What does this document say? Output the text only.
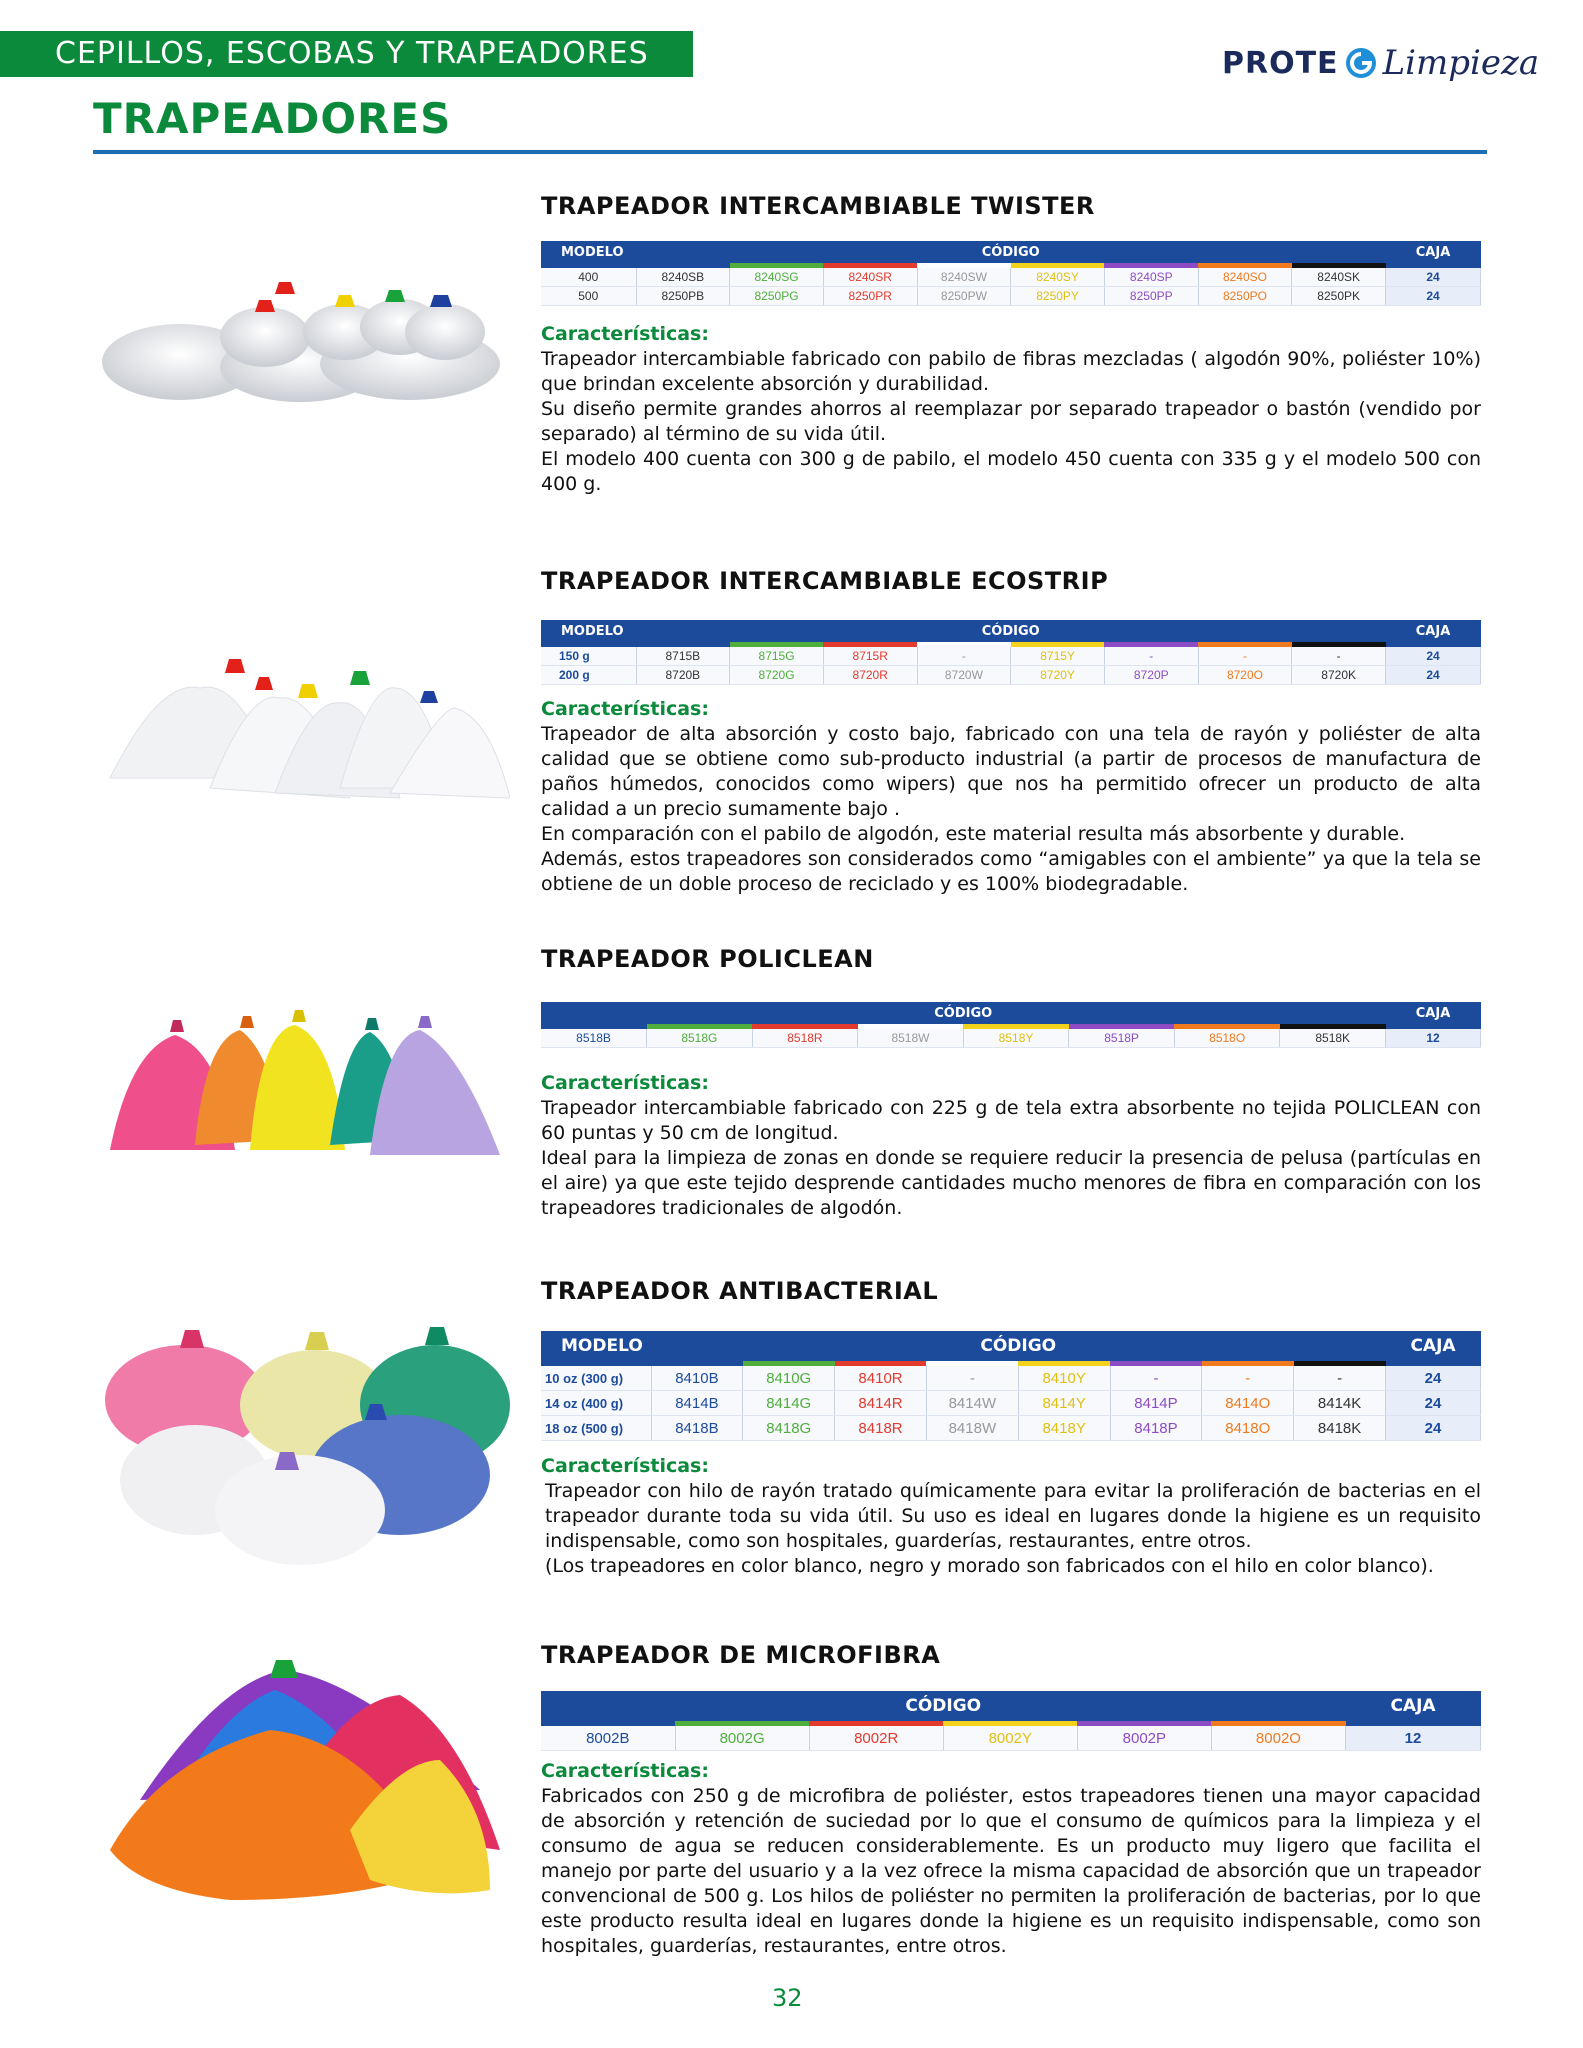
CEPILLOS, ESCOBAS Y TRAPEADORES	PROTE Limpieza
TRAPEADORES
TRAPEADOR INTERCAMBIABLE TWISTER
MODELO	CÓDIGO								CAJA

400	8240SB	8240SG	8240SR	8240SW	8240SY	8240SP	8240SO	8240SK	24
500	8250PB	8250PG	8250PR	8250PW	8250PY	8250PP	8250PO	8250PK	24
Características:

Trapeador intercambiable fabricado con pabilo de fibras mezcladas ( algodón 90%, poliéster 10%) que brindan excelente absorción y durabilidad.

Su diseño permite grandes ahorros al reemplazar por separado trapeador o bastón (vendido por separado) al término de su vida útil.

El modelo 400 cuenta con 300 g de pabilo, el modelo 450 cuenta con 335 g y el modelo 500 con 400 g.

TRAPEADOR INTERCAMBIABLE ECOSTRIP
MODELO	CÓDIGO								CAJA

150 g	8715B	8715G	8715R	-	8715Y	-	-	-	24
200 g	8720B	8720G	8720R	8720W	8720Y	8720P	8720O	8720K	24
Características:

Trapeador de alta absorción y costo bajo, fabricado con una tela de rayón y poliéster de alta calidad que se obtiene como sub-producto industrial (a partir de procesos de manufactura de paños húmedos, conocidos como wipers) que nos ha permitido ofrecer un producto de alta calidad a un precio sumamente bajo .

En comparación con el pabilo de algodón, este material resulta más absorbente y durable.

Además, estos trapeadores son considerados como “amigables con el ambiente” ya que la tela se obtiene de un doble proceso de reciclado y es 100% biodegradable.

TRAPEADOR POLICLEAN
CÓDIGO								CAJA

8518B	8518G	8518R	8518W	8518Y	8518P	8518O	8518K	12
Características:

Trapeador intercambiable fabricado con 225 g de tela extra absorbente no tejida POLICLEAN con 60 puntas y 50 cm de longitud.

Ideal para la limpieza de zonas en donde se requiere reducir la presencia de pelusa (partículas en el aire) ya que este tejido desprende cantidades mucho menores de fibra en comparación con los trapeadores tradicionales de algodón.

TRAPEADOR ANTIBACTERIAL
MODELO	CÓDIGO								CAJA

10 oz (300 g)	8410B	8410G	8410R	-	8410Y	-	-	-	24
14 oz (400 g)	8414B	8414G	8414R	8414W	8414Y	8414P	8414O	8414K	24
18 oz (500 g)	8418B	8418G	8418R	8418W	8418Y	8418P	8418O	8418K	24
Características:

Trapeador con hilo de rayón tratado químicamente para evitar la proliferación de bacterias en el trapeador durante toda su vida útil. Su uso es ideal en lugares donde la higiene es un requisito indispensable, como son hospitales, guarderías, restaurantes, entre otros.

(Los trapeadores en color blanco, negro y morado son fabricados con el hilo en color blanco).

TRAPEADOR DE MICROFIBRA
CÓDIGO						CAJA

8002B	8002G	8002R	8002Y	8002P	8002O	12
Características:

Fabricados con 250 g de microfibra de poliéster, estos trapeadores tienen una mayor capacidad de absorción y retención de suciedad por lo que el consumo de químicos para la limpieza y el consumo de agua se reducen considerablemente. Es un producto muy ligero que facilita el manejo por parte del usuario y a la vez ofrece la misma capacidad de absorción que un trapeador convencional de 500 g. Los hilos de poliéster no permiten la proliferación de bacterias, por lo que este producto resulta ideal en lugares donde la higiene es un requisito indispensable, como son hospitales, guarderías, restaurantes, entre otros.

32
